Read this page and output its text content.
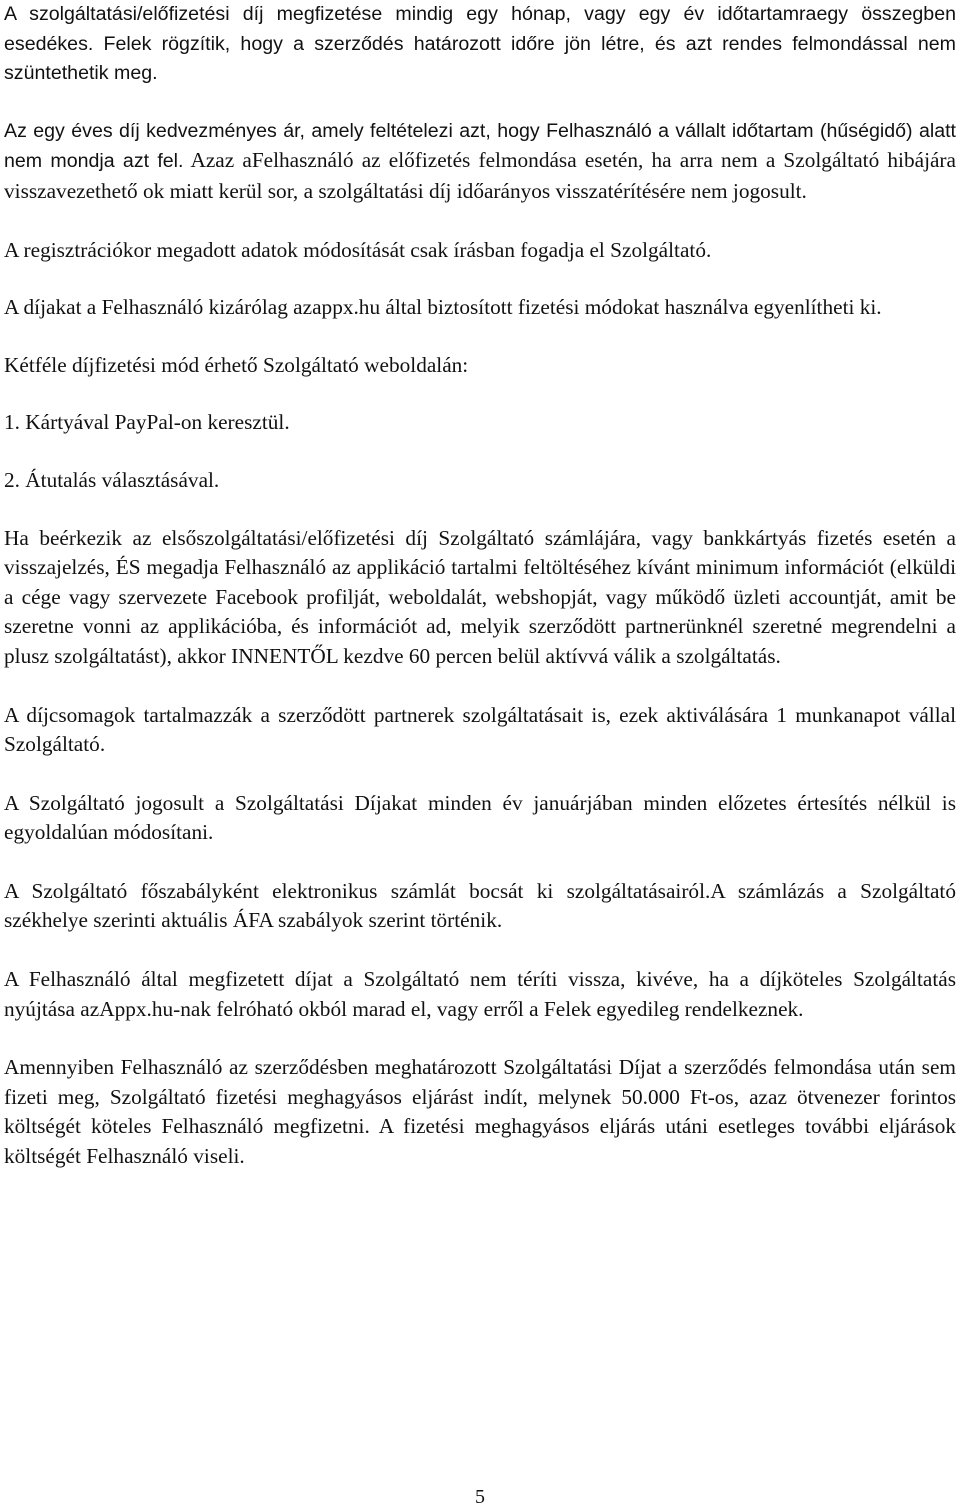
A szolgáltatási/előfizetési díj megfizetése mindig egy hónap, vagy egy év időtartamraegy összegben esedékes. Felek rögzítik, hogy a szerződés határozott időre jön létre, és azt rendes felmondással nem szüntethetik meg.

Az egy éves díj kedvezményes ár, amely feltételezi azt, hogy Felhasználó a vállalt időtartam (hűségidő) alatt nem mondja azt fel. Azaz aFelhasználó az előfizetés felmondása esetén, ha arra nem a Szolgáltató hibájára visszavezethető ok miatt kerül sor, a szolgáltatási díj időarányos visszatérítésére nem jogosult.

A regisztrációkor megadott adatok módosítását csak írásban fogadja el Szolgáltató.

A díjakat a Felhasználó kizárólag azappx.hu által biztosított fizetési módokat használva egyenlítheti ki.

Kétféle díjfizetési mód érhető Szolgáltató weboldalán:

1. Kártyával PayPal-on keresztül.

2. Átutalás választásával.

Ha beérkezik az elsőszolgáltatási/előfizetési díj Szolgáltató számlájára, vagy bankkártyás fizetés esetén a visszajelzés, ÉS megadja Felhasználó az applikáció tartalmi feltöltéséhez kívánt minimum információt (elküldi a cége vagy szervezete Facebook profilját, weboldalát, webshopját, vagy működő üzleti accountját, amit be szeretne vonni az applikációba, és információt ad, melyik szerződött partnerünknél szeretné megrendelni a plusz szolgáltatást), akkor INNENTŐL kezdve 60 percen belül aktívvá válik a szolgáltatás.

A díjcsomagok tartalmazzák a szerződött partnerek szolgáltatásait is, ezek aktiválására 1 munkanapot vállal Szolgáltató.

A Szolgáltató jogosult a Szolgáltatási Díjakat minden év januárjában minden előzetes értesítés nélkül is egyoldalúan módosítani.

A Szolgáltató főszabályként elektronikus számlát bocsát ki szolgáltatásairól.A számlázás a Szolgáltató székhelye szerinti aktuális ÁFA szabályok szerint történik.

A Felhasználó által megfizetett díjat a Szolgáltató nem téríti vissza, kivéve, ha a díjköteles Szolgáltatás nyújtása azAppx.hu-nak felróható okból marad el, vagy erről a Felek egyedileg rendelkeznek.

Amennyiben Felhasználó az szerződésben meghatározott Szolgáltatási Díjat a szerződés felmondása után sem fizeti meg, Szolgáltató fizetési meghagyásos eljárást indít, melynek 50.000 Ft-os, azaz ötvenezer forintos költségét köteles Felhasználó megfizetni. A fizetési meghagyásos eljárás utáni esetleges további eljárások költségét Felhasználó viseli.

5
